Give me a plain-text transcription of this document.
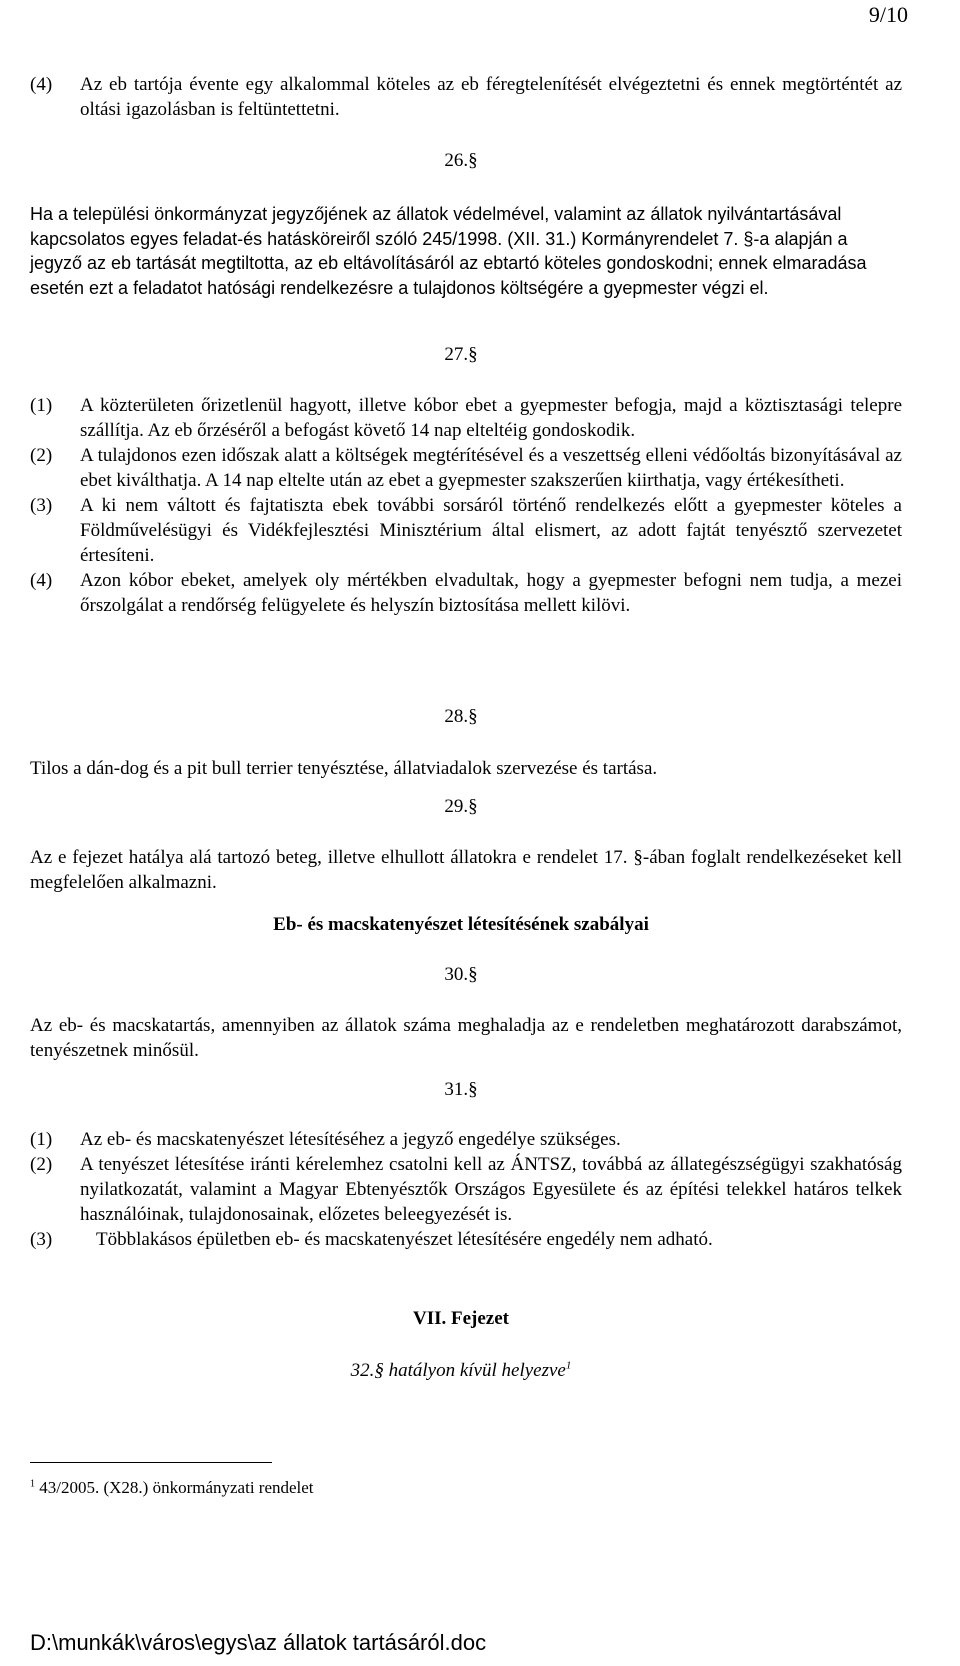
9/10
(4)	Az eb tartója évente egy alkalommal köteles az eb féregtelenítését elvégeztetni és ennek megtörténtét az oltási igazolásban is feltüntettetni.
26.§
Ha a települési önkormányzat jegyzőjének az állatok védelmével, valamint az állatok nyilvántartásával kapcsolatos egyes feladat-és hatásköreiről szóló 245/1998. (XII. 31.) Kormányrendelet 7. §-a alapján a jegyző az eb tartását megtiltotta, az eb eltávolításáról az ebtartó köteles gondoskodni; ennek elmaradása esetén ezt a feladatot hatósági rendelkezésre a tulajdonos költségére a gyepmester végzi el.
27.§
(1)	A közterületen őrizetlenül hagyott, illetve kóbor ebet a gyepmester befogja, majd a köztisztasági telepre szállítja. Az eb őrzéséről a befogást követő 14 nap elteltéig gondoskodik.
(2)	A tulajdonos ezen időszak alatt a költségek megtérítésével és a veszettség elleni védőoltás bizonyításával az ebet kiválthatja. A 14 nap eltelte után az ebet a gyepmester szakszerűen kiirthatja, vagy értékesítheti.
(3)	A ki nem váltott és fajtatiszta ebek további sorsáról történő rendelkezés előtt a gyepmester köteles a Földművelésügyi és Vidékfejlesztési Minisztérium által elismert, az adott fajtát tenyésztő szervezetet értesíteni.
(4)	Azon kóbor ebeket, amelyek oly mértékben elvadultak, hogy a gyepmester befogni nem tudja, a mezei őrszolgálat a rendőrség felügyelete és helyszín biztosítása mellett kilövi.
28.§
Tilos a dán-dog és a pit bull terrier tenyésztése, állatviadalok szervezése és tartása.
29.§
Az e fejezet hatálya alá tartozó beteg, illetve elhullott állatokra e rendelet 17. §-ában foglalt rendelkezéseket kell megfelelően alkalmazni.
Eb- és macskatenyészet létesítésének szabályai
30.§
Az eb- és macskatartás, amennyiben az állatok száma meghaladja az e rendeletben meghatározott darabszámot, tenyészetnek minősül.
31.§
(1)	Az eb- és macskatenyészet létesítéséhez a jegyző engedélye szükséges.
(2)	A tenyészet létesítése iránti kérelemhez csatolni kell az ÁNTSZ, továbbá az állategészségügyi szakhatóság nyilatkozatát, valamint a Magyar Ebtenyésztők Országos Egyesülete és az építési telekkel határos telkek használóinak, tulajdonosainak, előzetes beleegyezését is.
(3)	Többlakásos épületben eb- és macskatenyészet létesítésére engedély nem adható.
VII. Fejezet
32.§ hatályon kívül helyezve$^1$
$^1$ 43/2005. (X28.) önkormányzati rendelet
D:\munkák\város\egys\az állatok tartásáról.doc
